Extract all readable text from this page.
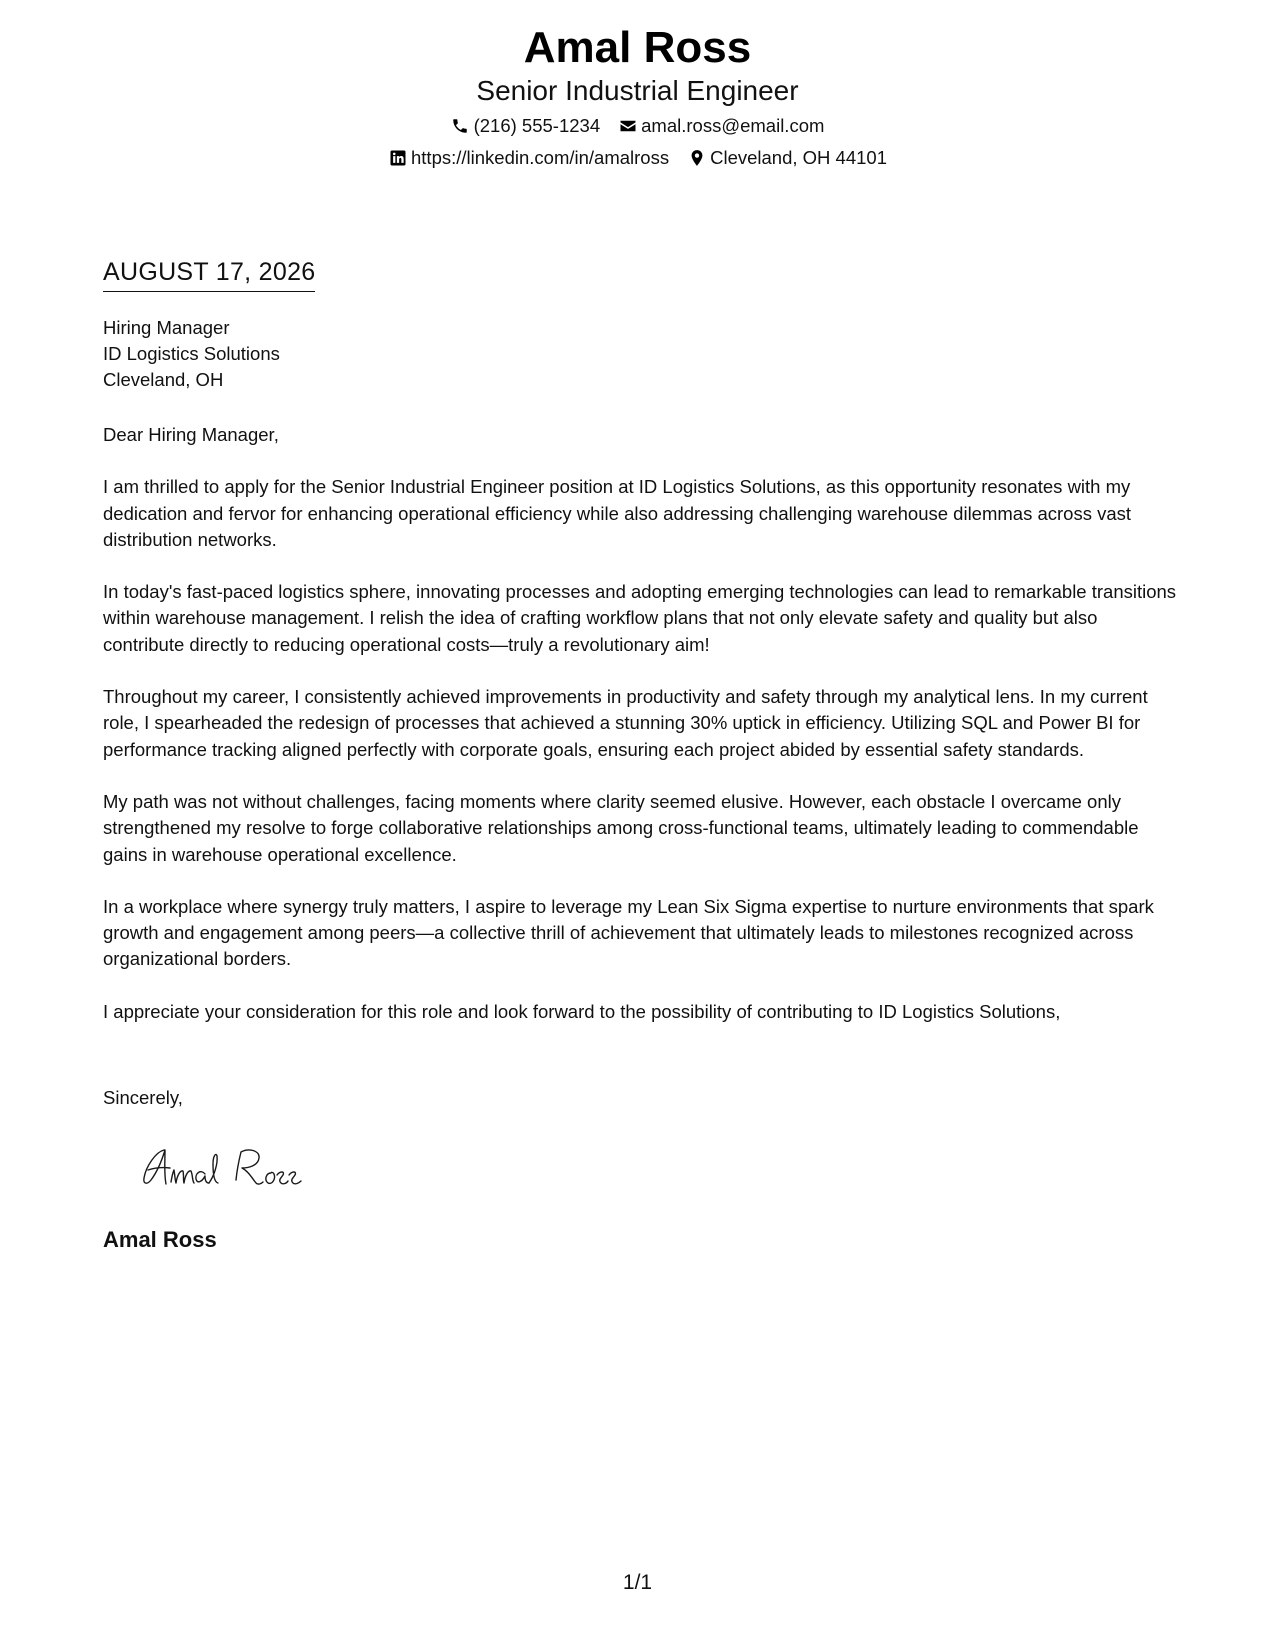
Amal Ross
Senior Industrial Engineer
(216) 555-1234 amal.ross@email.com
https://linkedin.com/in/amalross Cleveland, OH 44101
AUGUST 17, 2026
Hiring Manager
ID Logistics Solutions
Cleveland, OH

Dear Hiring Manager,

I am thrilled to apply for the Senior Industrial Engineer position at ID Logistics Solutions, as this opportunity resonates with my dedication and fervor for enhancing operational efficiency while also addressing challenging warehouse dilemmas across vast distribution networks.

In today's fast-paced logistics sphere, innovating processes and adopting emerging technologies can lead to remarkable transitions within warehouse management. I relish the idea of crafting workflow plans that not only elevate safety and quality but also contribute directly to reducing operational costs—truly a revolutionary aim!

Throughout my career, I consistently achieved improvements in productivity and safety through my analytical lens. In my current role, I spearheaded the redesign of processes that achieved a stunning 30% uptick in efficiency. Utilizing SQL and Power BI for performance tracking aligned perfectly with corporate goals, ensuring each project abided by essential safety standards.

My path was not without challenges, facing moments where clarity seemed elusive. However, each obstacle I overcame only strengthened my resolve to forge collaborative relationships among cross-functional teams, ultimately leading to commendable gains in warehouse operational excellence.

In a workplace where synergy truly matters, I aspire to leverage my Lean Six Sigma expertise to nurture environments that spark growth and engagement among peers—a collective thrill of achievement that ultimately leads to milestones recognized across organizational borders.

I appreciate your consideration for this role and look forward to the possibility of contributing to ID Logistics Solutions,

Sincerely,
Amal Ross
1/1
